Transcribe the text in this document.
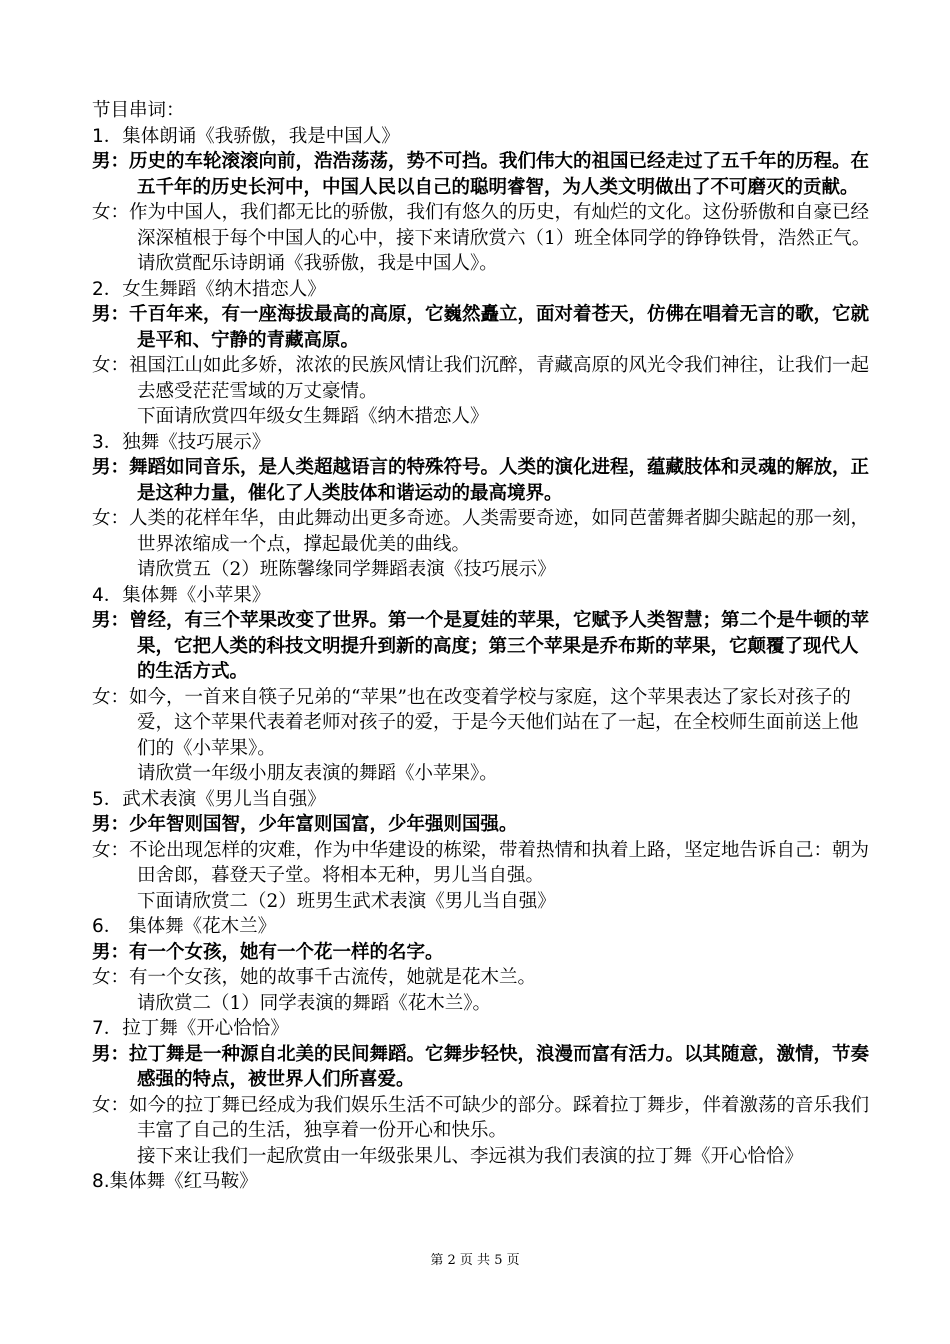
节目串词：

1．集体朗诵《我骄傲，我是中国人》

男：历史的车轮滚滚向前，浩浩荡荡，势不可挡。我们伟大的祖国已经走过了五千年的历程。在五千年的历史长河中，中国人民以自己的聪明睿智，为人类文明做出了不可磨灭的贡献。

女：作为中国人，我们都无比的骄傲，我们有悠久的历史，有灿烂的文化。这份骄傲和自豪已经深深植根于每个中国人的心中，接下来请欣赏六（1）班全体同学的铮铮铁骨，浩然正气。请欣赏配乐诗朗诵《我骄傲，我是中国人》。

2．女生舞蹈《纳木措恋人》

男：千百年来，有一座海拔最高的高原，它巍然矗立，面对着苍天，仿佛在唱着无言的歌，它就是平和、宁静的青藏高原。

女：祖国江山如此多娇，浓浓的民族风情让我们沉醉，青藏高原的风光令我们神往，让我们一起去感受茫茫雪域的万丈豪情。

下面请欣赏四年级女生舞蹈《纳木措恋人》

3．独舞《技巧展示》

男：舞蹈如同音乐，是人类超越语言的特殊符号。人类的演化进程，蕴藏肢体和灵魂的解放，正是这种力量，催化了人类肢体和谐运动的最高境界。

女：人类的花样年华，由此舞动出更多奇迹。人类需要奇迹，如同芭蕾舞者脚尖踮起的那一刻，世界浓缩成一个点，撑起最优美的曲线。

请欣赏五（2）班陈馨缘同学舞蹈表演《技巧展示》

4．集体舞《小苹果》

男：曾经，有三个苹果改变了世界。第一个是夏娃的苹果，它赋予人类智慧；第二个是牛顿的苹果，它把人类的科技文明提升到新的高度；第三个苹果是乔布斯的苹果，它颠覆了现代人的生活方式。

女：如今，一首来自筷子兄弟的“苹果”也在改变着学校与家庭，这个苹果表达了家长对孩子的爱，这个苹果代表着老师对孩子的爱，于是今天他们站在了一起，在全校师生面前送上他们的《小苹果》。

请欣赏一年级小朋友表演的舞蹈《小苹果》。

5．武术表演《男儿当自强》

男：少年智则国智，少年富则国富，少年强则国强。

女：不论出现怎样的灾难，作为中华建设的栋梁，带着热情和执着上路，坚定地告诉自己：朝为田舍郎，暮登天子堂。将相本无种，男儿当自强。

下面请欣赏二（2）班男生武术表演《男儿当自强》

6． 集体舞《花木兰》

男：有一个女孩，她有一个花一样的名字。

女：有一个女孩，她的故事千古流传，她就是花木兰。

请欣赏二（1）同学表演的舞蹈《花木兰》。

7．拉丁舞《开心恰恰》

男：拉丁舞是一种源自北美的民间舞蹈。它舞步轻快，浪漫而富有活力。以其随意，激情，节奏感强的特点，被世界人们所喜爱。

女：如今的拉丁舞已经成为我们娱乐生活不可缺少的部分。踩着拉丁舞步，伴着激荡的音乐我们丰富了自己的生活，独享着一份开心和快乐。

接下来让我们一起欣赏由一年级张果儿、李远祺为我们表演的拉丁舞《开心恰恰》

8.集体舞《红马鞍》

第 2 页 共 5 页
